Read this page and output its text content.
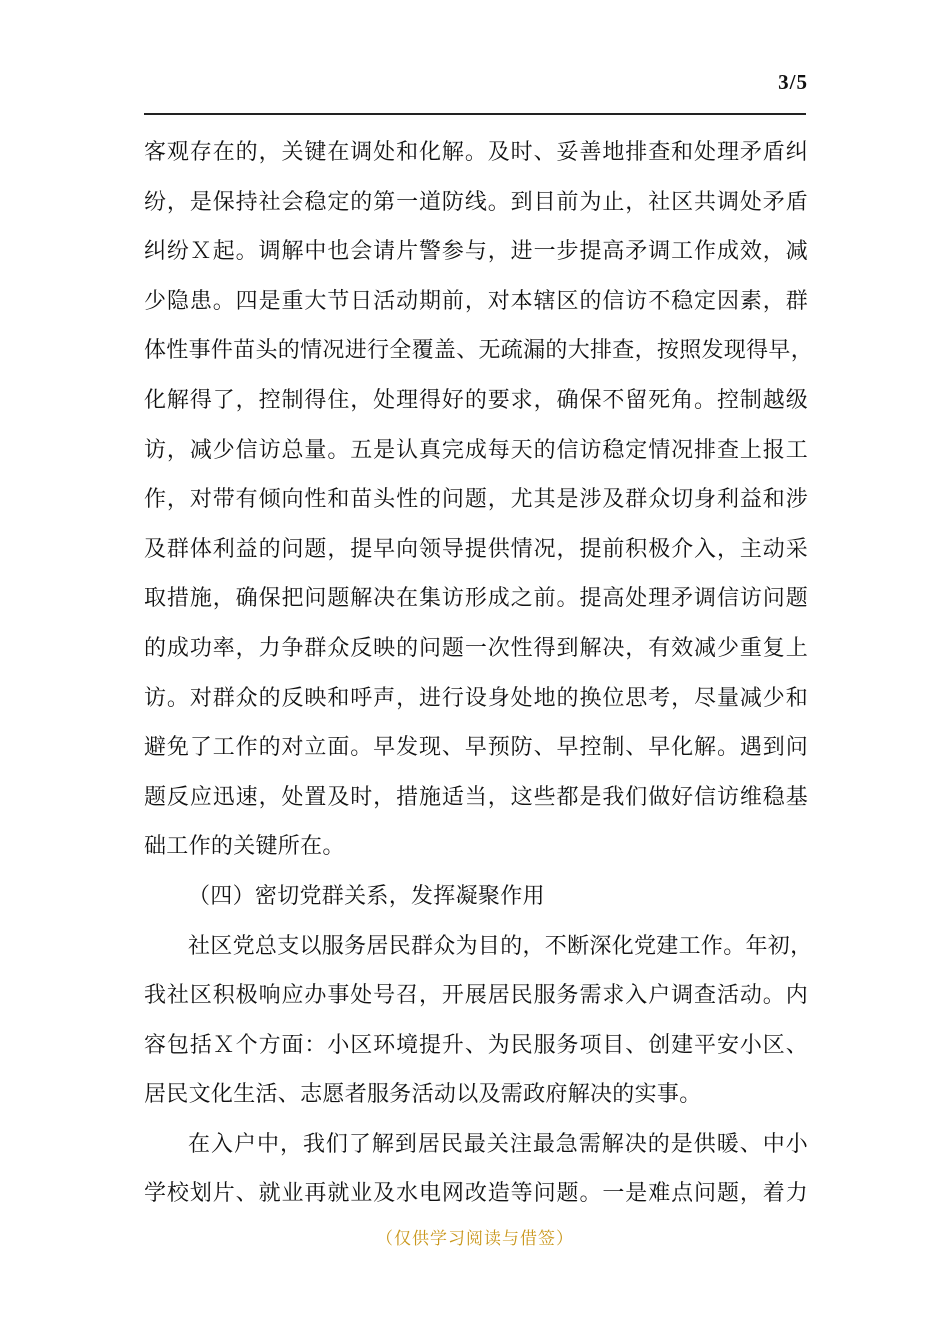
3/5
客观存在的，关键在调处和化解。及时、妥善地排查和处理矛盾纠
纷，是保持社会稳定的第一道防线。到目前为止，社区共调处矛盾
纠纷Ｘ起。调解中也会请片警参与，进一步提高矛调工作成效，减
少隐患。四是重大节日活动期前，对本辖区的信访不稳定因素，群
体性事件苗头的情况进行全覆盖、无疏漏的大排查，按照发现得早，
化解得了，控制得住，处理得好的要求，确保不留死角。控制越级
访，减少信访总量。五是认真完成每天的信访稳定情况排查上报工
作，对带有倾向性和苗头性的问题，尤其是涉及群众切身利益和涉
及群体利益的问题，提早向领导提供情况，提前积极介入，主动采
取措施，确保把问题解决在集访形成之前。提高处理矛调信访问题
的成功率，力争群众反映的问题一次性得到解决，有效减少重复上
访。对群众的反映和呼声，进行设身处地的换位思考，尽量减少和
避免了工作的对立面。早发现、早预防、早控制、早化解。遇到问
题反应迅速，处置及时，措施适当，这些都是我们做好信访维稳基
础工作的关键所在。
（四）密切党群关系，发挥凝聚作用
社区党总支以服务居民群众为目的，不断深化党建工作。年初，
我社区积极响应办事处号召，开展居民服务需求入户调查活动。内
容包括Ｘ个方面：小区环境提升、为民服务项目、创建平安小区、
居民文化生活、志愿者服务活动以及需政府解决的实事。
在入户中，我们了解到居民最关注最急需解决的是供暖、中小
学校划片、就业再就业及水电网改造等问题。一是难点问题，着力
（仅供学习阅读与借签）
